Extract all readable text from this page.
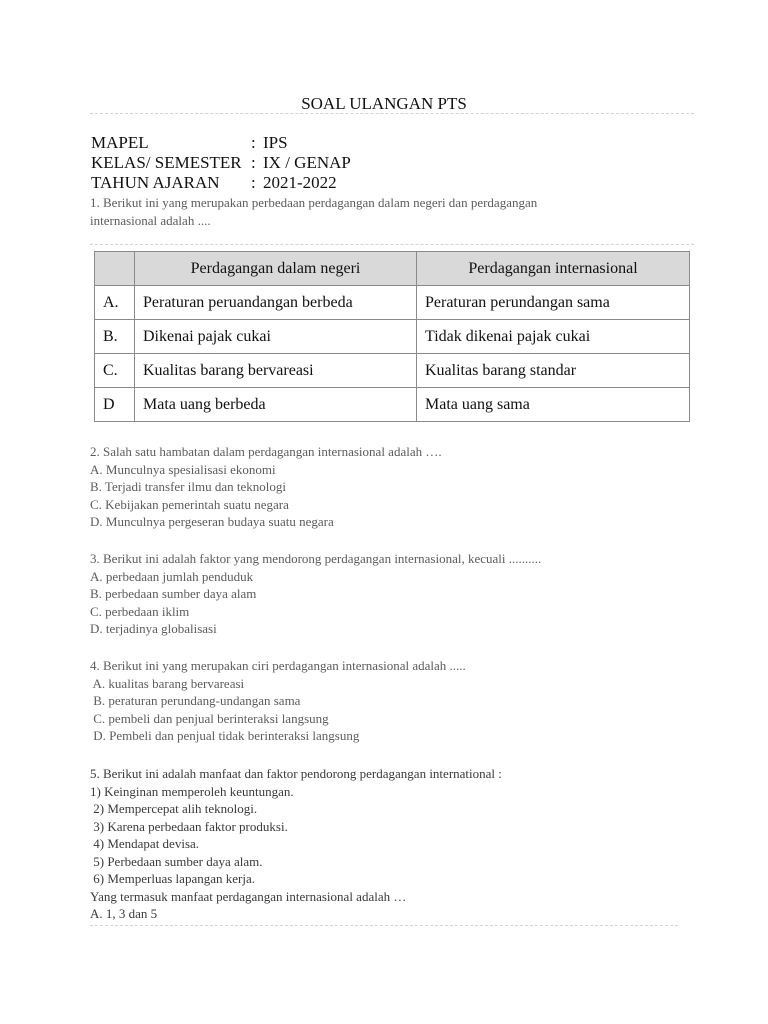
SOAL ULANGAN PTS
MAPEL	: IPS
KELAS/ SEMESTER : IX / GENAP
TAHUN AJARAN	: 2021-2022
1. Berikut ini yang merupakan perbedaan perdagangan dalam negeri dan perdagangan
internasional adalah ....
	Perdagangan dalam negeri	Perdagangan internasional
A.	Peraturan peruandangan berbeda	Peraturan perundangan sama
B.	Dikenai pajak cukai	Tidak dikenai pajak cukai
C.	Kualitas barang bervareasi	Kualitas barang standar
D	Mata uang berbeda	Mata uang sama
2. Salah satu hambatan dalam perdagangan internasional adalah ….
A. Munculnya spesialisasi ekonomi
B. Terjadi transfer ilmu dan teknologi
C. Kebijakan pemerintah suatu negara
D. Munculnya pergeseran budaya suatu negara
3. Berikut ini adalah faktor yang mendorong perdagangan internasional, kecuali ..........
A. perbedaan jumlah penduduk
B. perbedaan sumber daya alam
C. perbedaan iklim
D. terjadinya globalisasi
4. Berikut ini yang merupakan ciri perdagangan internasional adalah .....
A. kualitas barang bervareasi
B. peraturan perundang-undangan sama
C. pembeli dan penjual berinteraksi langsung
D. Pembeli dan penjual tidak berinteraksi langsung
5. Berikut ini adalah manfaat dan faktor pendorong perdagangan international :
1) Keinginan memperoleh keuntungan.
2) Mempercepat alih teknologi.
3) Karena perbedaan faktor produksi.
4) Mendapat devisa.
5) Perbedaan sumber daya alam.
6) Memperluas lapangan kerja.
Yang termasuk manfaat perdagangan internasional adalah …
A. 1, 3 dan 5
